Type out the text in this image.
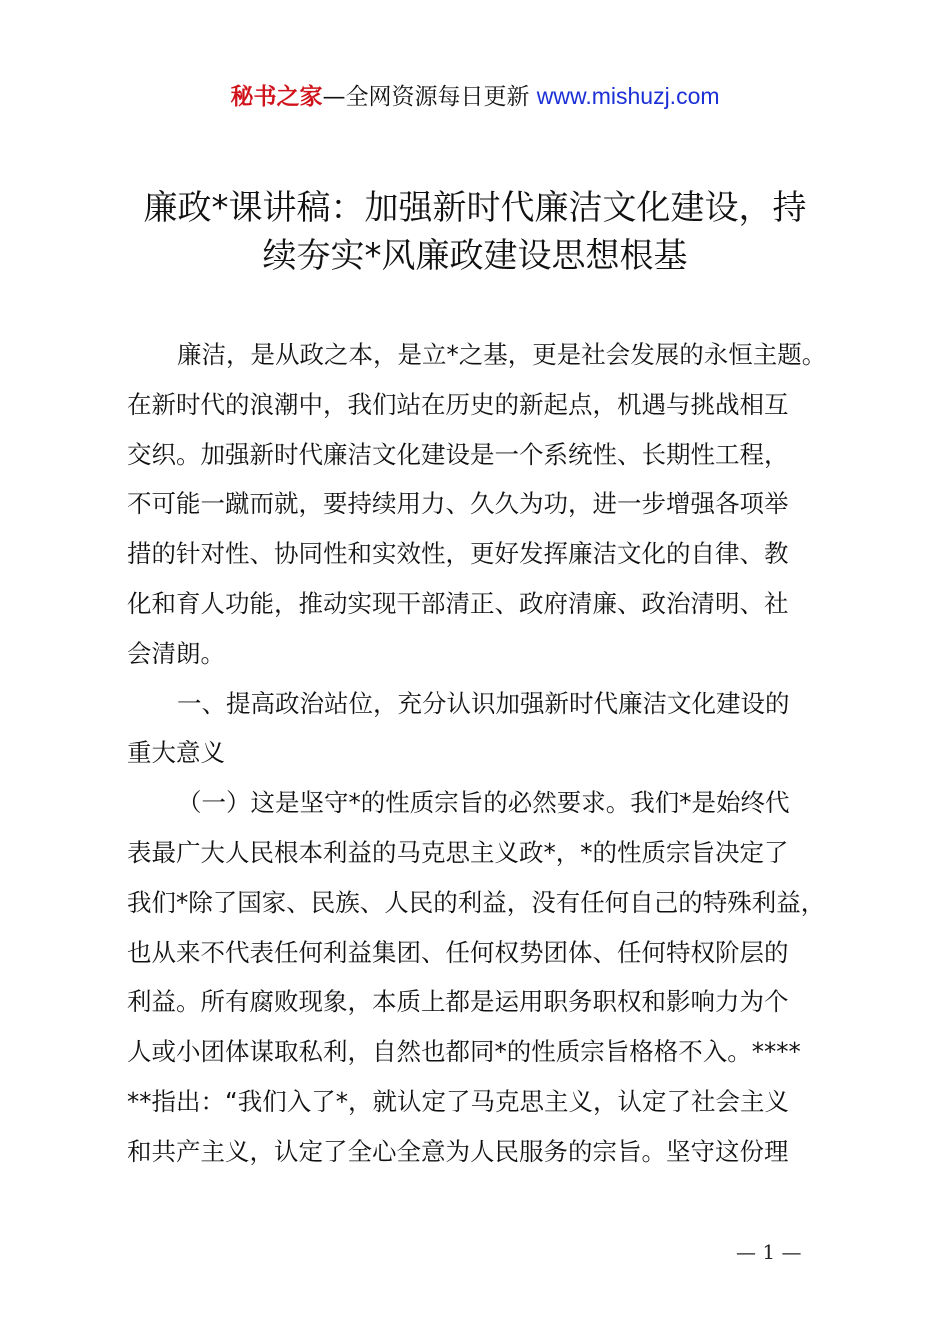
秘书之家—全网资源每日更新 www.mishuzj.com
廉政*课讲稿：加强新时代廉洁文化建设，持
续夯实*风廉政建设思想根基
廉洁，是从政之本，是立*之基，更是社会发展的永恒主题。
在新时代的浪潮中，我们站在历史的新起点，机遇与挑战相互
交织。加强新时代廉洁文化建设是一个系统性、长期性工程，
不可能一蹴而就，要持续用力、久久为功，进一步增强各项举
措的针对性、协同性和实效性，更好发挥廉洁文化的自律、教
化和育人功能，推动实现干部清正、政府清廉、政治清明、社
会清朗。
一、提高政治站位，充分认识加强新时代廉洁文化建设的
重大意义
（一）这是坚守*的性质宗旨的必然要求。我们*是始终代
表最广大人民根本利益的马克思主义政*，*的性质宗旨决定了
我们*除了国家、民族、人民的利益，没有任何自己的特殊利益，
也从来不代表任何利益集团、任何权势团体、任何特权阶层的
利益。所有腐败现象，本质上都是运用职务职权和影响力为个
人或小团体谋取私利，自然也都同*的性质宗旨格格不入。****
**指出：“我们入了*，就认定了马克思主义，认定了社会主义
和共产主义，认定了全心全意为人民服务的宗旨。坚守这份理
— 1 —
